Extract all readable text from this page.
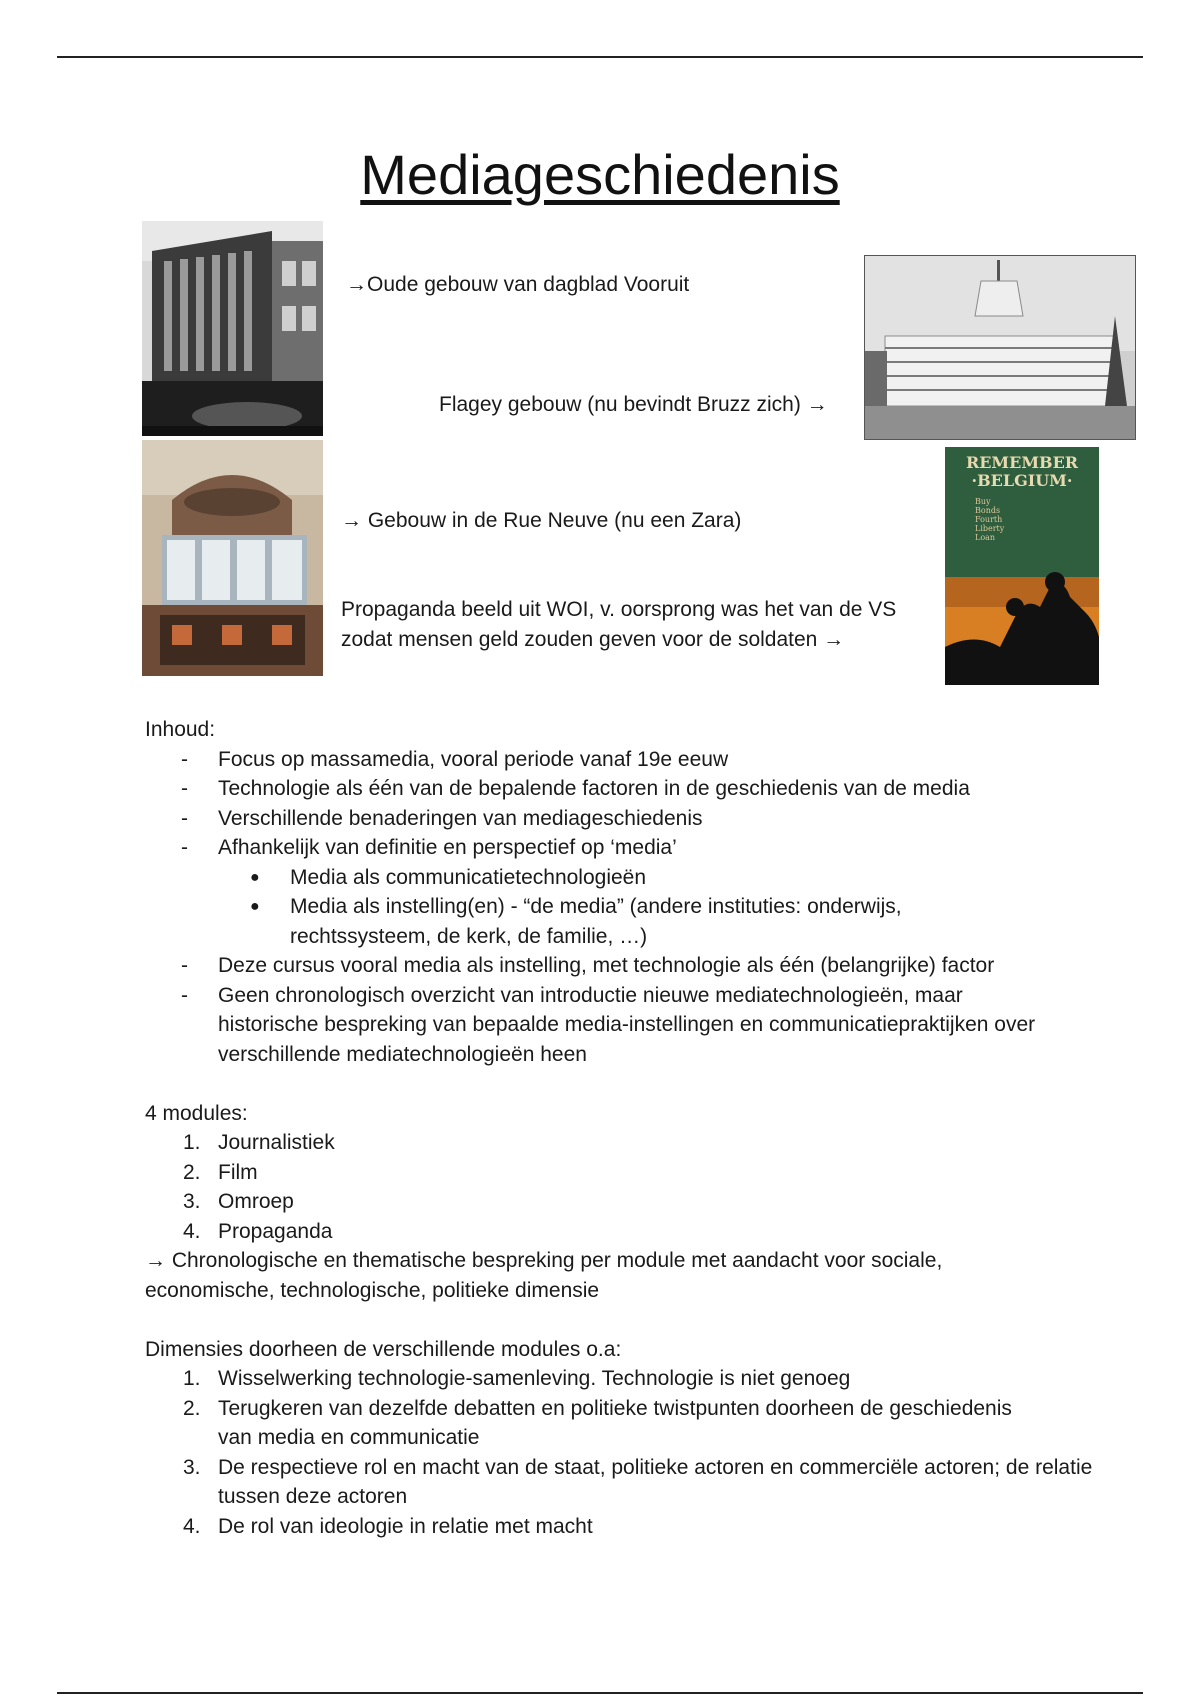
Mediageschiedenis
→Oude gebouw van dagblad Vooruit
Flagey gebouw (nu bevindt Bruzz zich) →
→ Gebouw in de Rue Neuve (nu een Zara)
Propaganda beeld uit WOI, v. oorsprong was het van de VS
zodat mensen geld zouden geven voor de soldaten →
REMEMBER
·BELGIUM·
Buy Bonds Fourth Liberty Loan

Inhoud:

- Focus op massamedia, vooral periode vanaf 19e eeuw
- Technologie als één van de bepalende factoren in de geschiedenis van de media
- Verschillende benaderingen van mediageschiedenis
- Afhankelijk van definitie en perspectief op ‘media’
● Media als communicatietechnologieën
● Media als instelling(en) - “de media” (andere instituties: onderwijs, rechtssysteem, de kerk, de familie, …)
- Deze cursus vooral media als instelling, met technologie als één (belangrijke) factor
- Geen chronologisch overzicht van introductie nieuwe mediatechnologieën, maar historische bespreking van bepaalde media-instellingen en communicatiepraktijken over verschillende mediatechnologieën heen

4 modules:

1. Journalistiek
2. Film
3. Omroep
4. Propaganda

→ Chronologische en thematische bespreking per module met aandacht voor sociale, economische, technologische, politieke dimensie

Dimensies doorheen de verschillende modules o.a:

1. Wisselwerking technologie-samenleving. Technologie is niet genoeg
2. Terugkeren van dezelfde debatten en politieke twistpunten doorheen de geschiedenis van media en communicatie
3. De respectieve rol en macht van de staat, politieke actoren en commerciële actoren; de relatie tussen deze actoren
4. De rol van ideologie in relatie met macht
